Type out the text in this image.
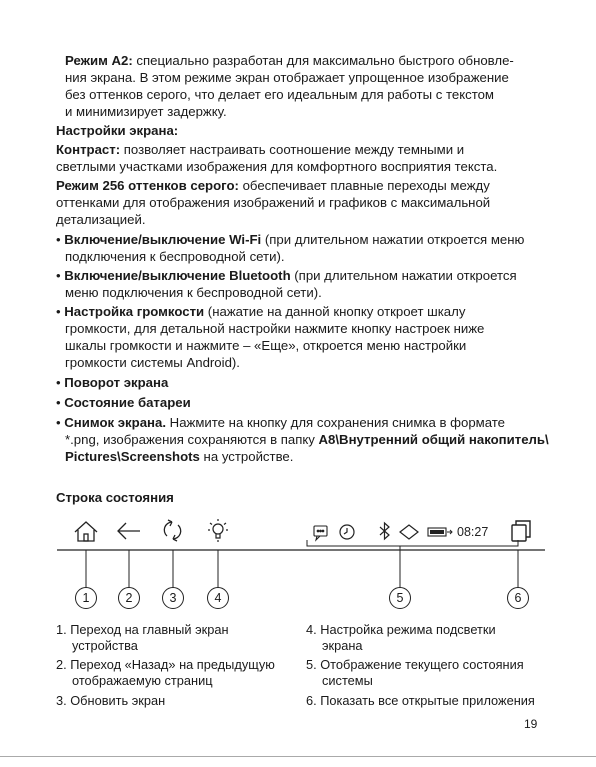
Режим А2: специально разработан для максимально быстрого обновле-
ния экрана. В этом режиме экран отображает упрощенное изображение
без оттенков серого, что делает его идеальным для работы с текстом
и минимизирует задержку.
Настройки экрана:
Контраст: позволяет настраивать соотношение между темными и
светлыми участками изображения для комфортного восприятия текста.
Режим 256 оттенков серого: обеспечивает плавные переходы между
оттенками для отображения изображений и графиков с максимальной
детализацией.
• Включение/выключение Wi-Fi (при длительном нажатии откроется меню
подключения к беспроводной сети).
• Включение/выключение Bluetooth (при длительном нажатии откроется
меню подключения к беспроводной сети).
• Настройка громкости (нажатие на данной кнопку откроет шкалу
громкости, для детальной настройки нажмите кнопку настроек ниже
шкалы громкости и нажмите – «Еще», откроется меню настройки
громкости системы Android).
• Поворот экрана
• Состояние батареи
• Снимок экрана. Нажмите на кнопку для сохранения снимка в формате
*.png, изображения сохраняются в папку A8\Внутренний общий накопитель\
Pictures\Screenshots на устройстве.
Строка состояния
08:27
1	2	3	4	5	6
1. Переход на главный экран
устройства
2. Переход «Назад» на предыдущую
отображаемую страниц
3. Обновить экран
4. Настройка режима подсветки
экрана
5. Отображение текущего состояния
системы
6. Показать все открытые приложения
19
